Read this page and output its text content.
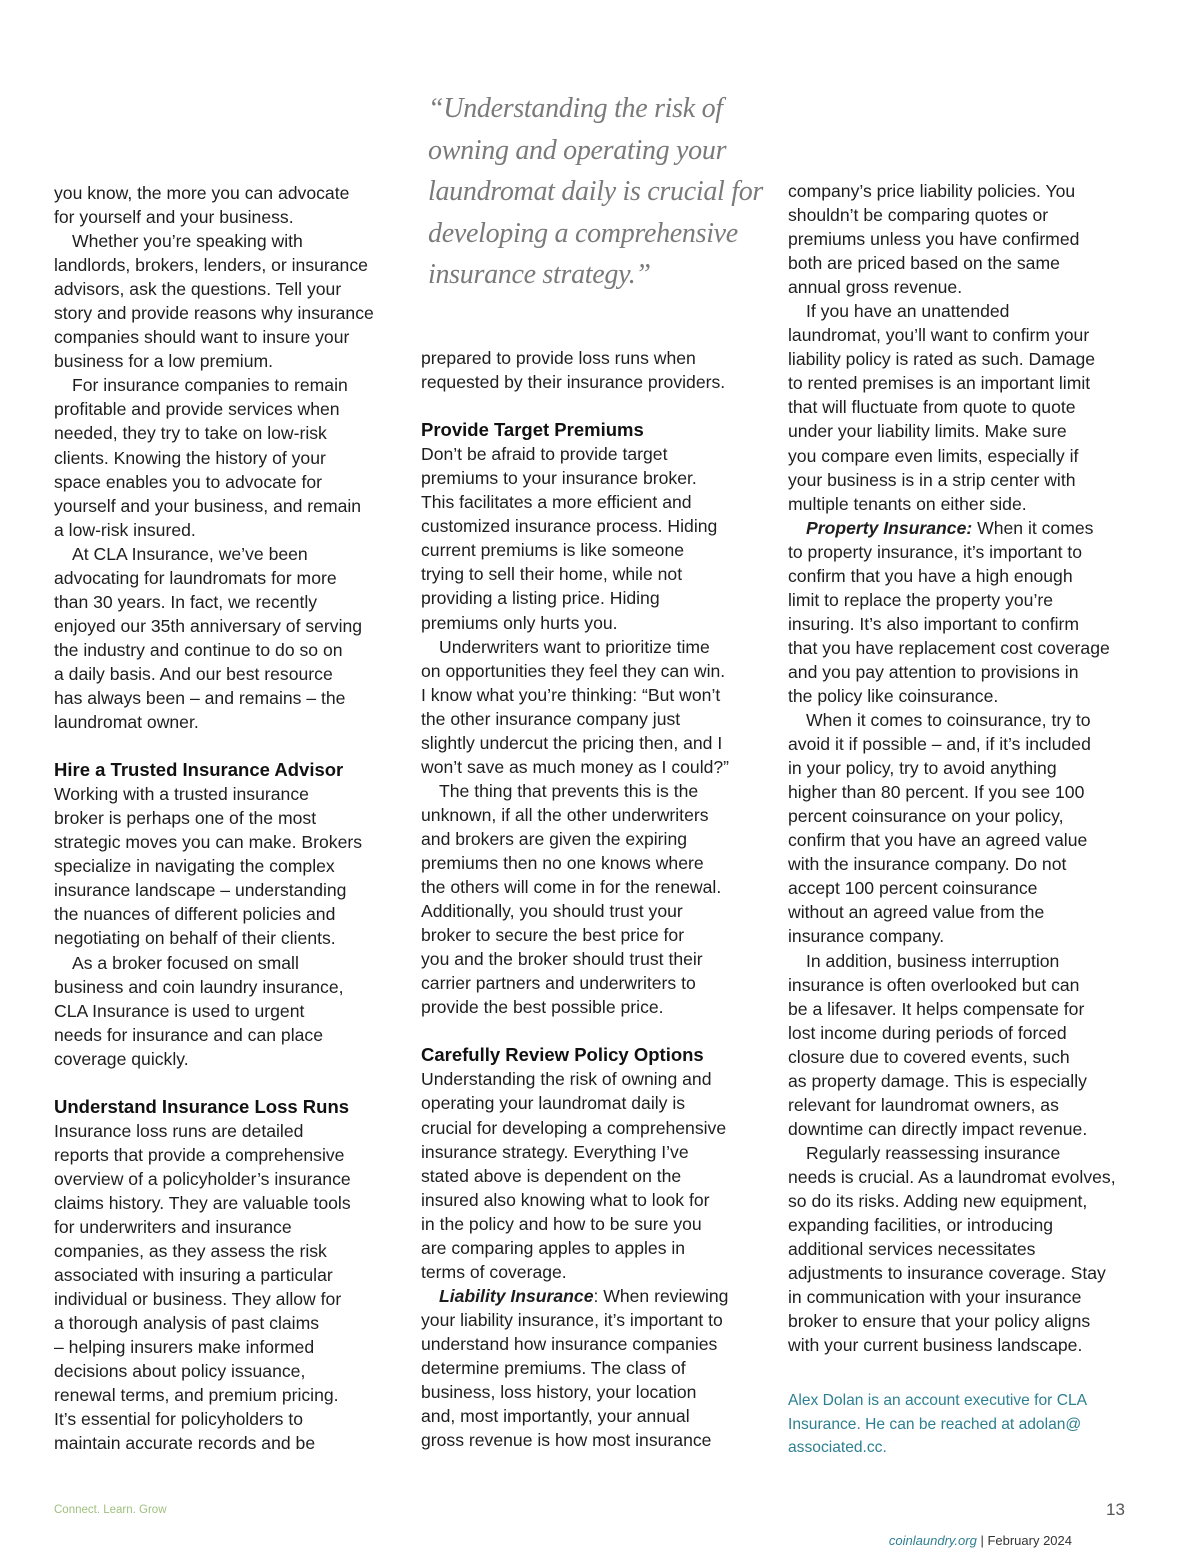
“Understanding the risk of
owning and operating your
laundromat daily is crucial for
developing a comprehensive
insurance strategy.”
you know, the more you can advocate
for yourself and your business.
Whether you’re speaking with
landlords, brokers, lenders, or insurance
advisors, ask the questions. Tell your
story and provide reasons why insurance
companies should want to insure your
business for a low premium.
For insurance companies to remain
profitable and provide services when
needed, they try to take on low-risk
clients. Knowing the history of your
space enables you to advocate for
yourself and your business, and remain
a low-risk insured.
At CLA Insurance, we’ve been
advocating for laundromats for more
than 30 years. In fact, we recently
enjoyed our 35th anniversary of serving
the industry and continue to do so on
a daily basis. And our best resource
has always been – and remains – the
laundromat owner.
Hire a Trusted Insurance Advisor
Working with a trusted insurance
broker is perhaps one of the most
strategic moves you can make. Brokers
specialize in navigating the complex
insurance landscape – understanding
the nuances of different policies and
negotiating on behalf of their clients.
As a broker focused on small
business and coin laundry insurance,
CLA Insurance is used to urgent
needs for insurance and can place
coverage quickly.
Understand Insurance Loss Runs
Insurance loss runs are detailed
reports that provide a comprehensive
overview of a policyholder’s insurance
claims history. They are valuable tools
for underwriters and insurance
companies, as they assess the risk
associated with insuring a particular
individual or business. They allow for
a thorough analysis of past claims
– helping insurers make informed
decisions about policy issuance,
renewal terms, and premium pricing.
It’s essential for policyholders to
maintain accurate records and be
prepared to provide loss runs when
requested by their insurance providers.
Provide Target Premiums
Don’t be afraid to provide target
premiums to your insurance broker.
This facilitates a more efficient and
customized insurance process. Hiding
current premiums is like someone
trying to sell their home, while not
providing a listing price. Hiding
premiums only hurts you.
Underwriters want to prioritize time
on opportunities they feel they can win.
I know what you’re thinking: “But won’t
the other insurance company just
slightly undercut the pricing then, and I
won’t save as much money as I could?”
The thing that prevents this is the
unknown, if all the other underwriters
and brokers are given the expiring
premiums then no one knows where
the others will come in for the renewal.
Additionally, you should trust your
broker to secure the best price for
you and the broker should trust their
carrier partners and underwriters to
provide the best possible price.
Carefully Review Policy Options
Understanding the risk of owning and
operating your laundromat daily is
crucial for developing a comprehensive
insurance strategy. Everything I’ve
stated above is dependent on the
insured also knowing what to look for
in the policy and how to be sure you
are comparing apples to apples in
terms of coverage.
Liability Insurance: When reviewing
your liability insurance, it’s important to
understand how insurance companies
determine premiums. The class of
business, loss history, your location
and, most importantly, your annual
gross revenue is how most insurance
company’s price liability policies. You
shouldn’t be comparing quotes or
premiums unless you have confirmed
both are priced based on the same
annual gross revenue.
If you have an unattended
laundromat, you’ll want to confirm your
liability policy is rated as such. Damage
to rented premises is an important limit
that will fluctuate from quote to quote
under your liability limits. Make sure
you compare even limits, especially if
your business is in a strip center with
multiple tenants on either side.
Property Insurance: When it comes
to property insurance, it’s important to
confirm that you have a high enough
limit to replace the property you’re
insuring. It’s also important to confirm
that you have replacement cost coverage
and you pay attention to provisions in
the policy like coinsurance.
When it comes to coinsurance, try to
avoid it if possible – and, if it’s included
in your policy, try to avoid anything
higher than 80 percent. If you see 100
percent coinsurance on your policy,
confirm that you have an agreed value
with the insurance company. Do not
accept 100 percent coinsurance
without an agreed value from the
insurance company.
In addition, business interruption
insurance is often overlooked but can
be a lifesaver. It helps compensate for
lost income during periods of forced
closure due to covered events, such
as property damage. This is especially
relevant for laundromat owners, as
downtime can directly impact revenue.
Regularly reassessing insurance
needs is crucial. As a laundromat evolves,
so do its risks. Adding new equipment,
expanding facilities, or introducing
additional services necessitates
adjustments to insurance coverage. Stay
in communication with your insurance
broker to ensure that your policy aligns
with your current business landscape.
Alex Dolan is an account executive for CLA
Insurance. He can be reached at adolan@
associated.cc.
Connect. Learn. Grow
coinlaundry.org | February 2024
13
